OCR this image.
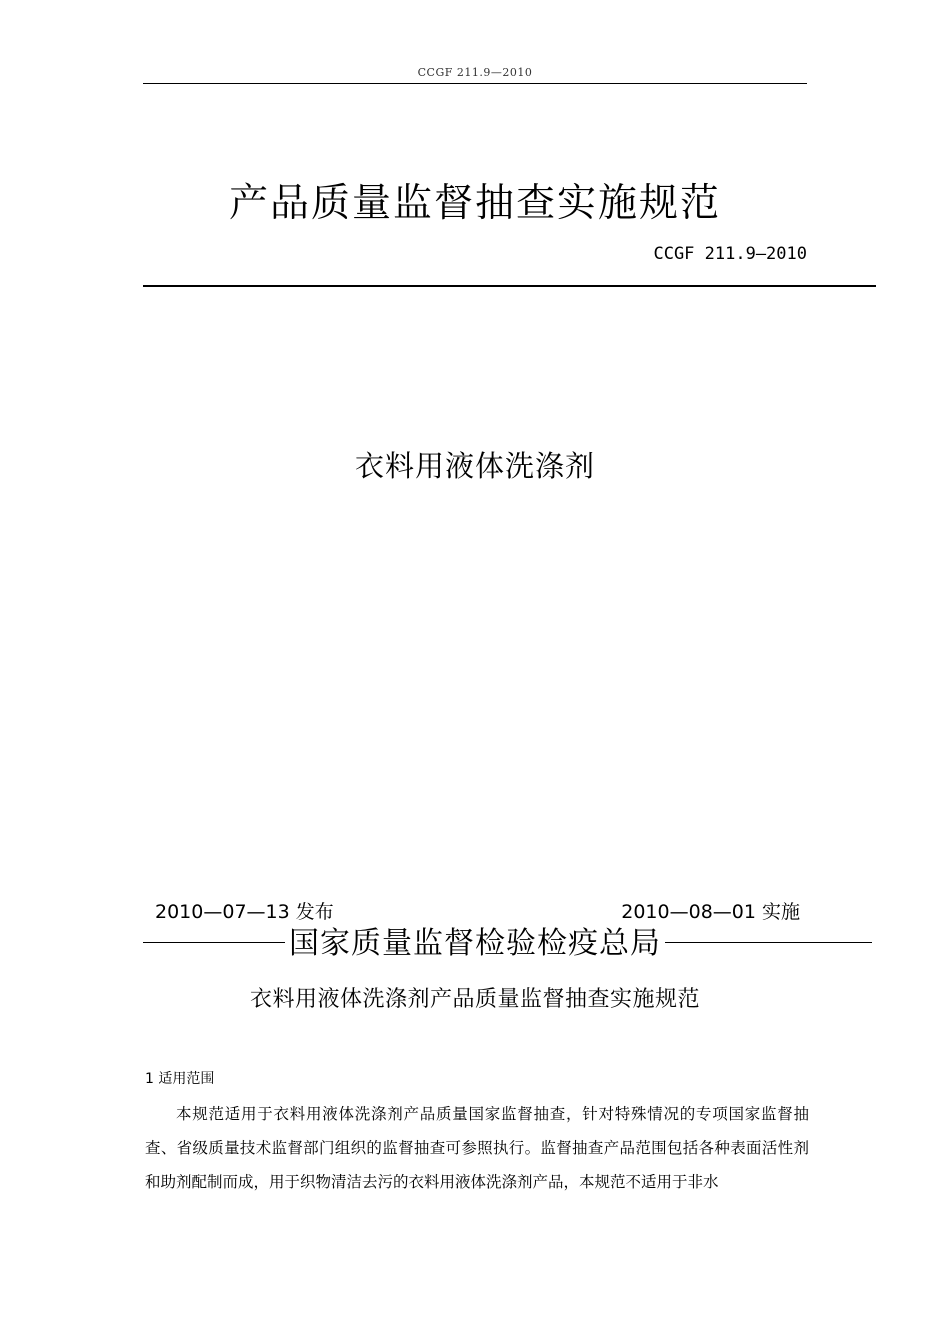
CCGF 211.9—2010
产品质量监督抽查实施规范
CCGF 211.9—2010
衣料用液体洗涤剂
2010—07—13 发布	2010—08—01 实施
国家质量监督检验检疫总局
衣料用液体洗涤剂产品质量监督抽查实施规范
1 适用范围
本规范适用于衣料用液体洗涤剂产品质量国家监督抽查，针对特殊情况的专项国家监督抽查、省级质量技术监督部门组织的监督抽查可参照执行。监督抽查产品范围包括各种表面活性剂和助剂配制而成，用于织物清洁去污的衣料用液体洗涤剂产品，本规范不适用于非水
